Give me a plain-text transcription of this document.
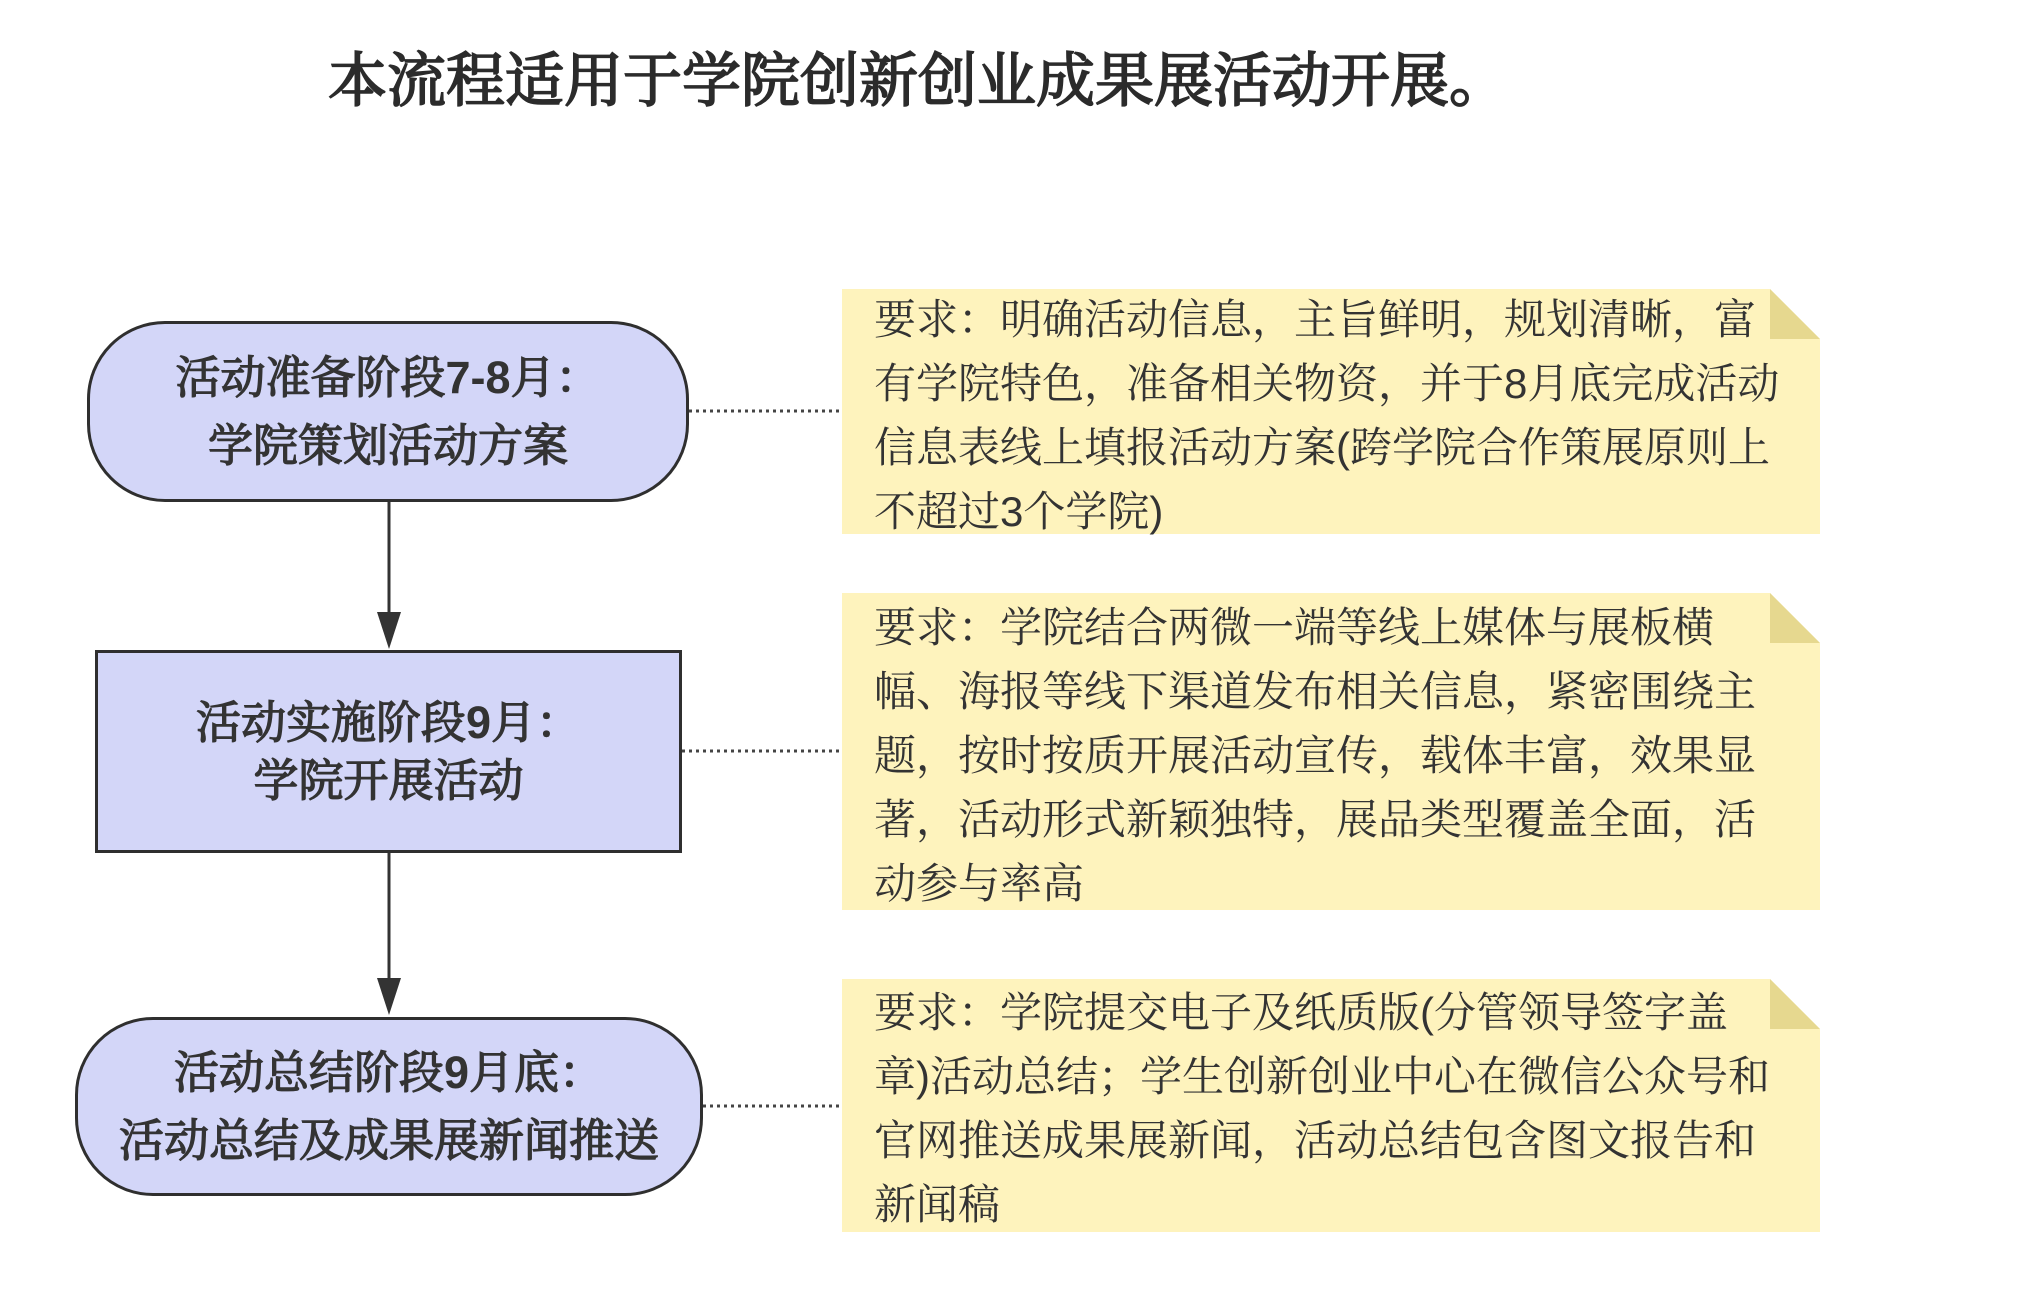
本流程适用于学院创新创业成果展活动开展。
活动准备阶段7-8月：
学院策划活动方案
活动实施阶段9月：
学院开展活动
活动总结阶段9月底：
活动总结及成果展新闻推送
要求：明确活动信息，主旨鲜明，规划清晰，富
有学院特色，准备相关物资，并于8月底完成活动
信息表线上填报活动方案(跨学院合作策展原则上
不超过3个学院)
要求：学院结合两微一端等线上媒体与展板横
幅、海报等线下渠道发布相关信息，紧密围绕主
题，按时按质开展活动宣传，载体丰富，效果显
著，活动形式新颖独特，展品类型覆盖全面，活
动参与率高
要求：学院提交电子及纸质版(分管领导签字盖
章)活动总结；学生创新创业中心在微信公众号和
官网推送成果展新闻，活动总结包含图文报告和
新闻稿
